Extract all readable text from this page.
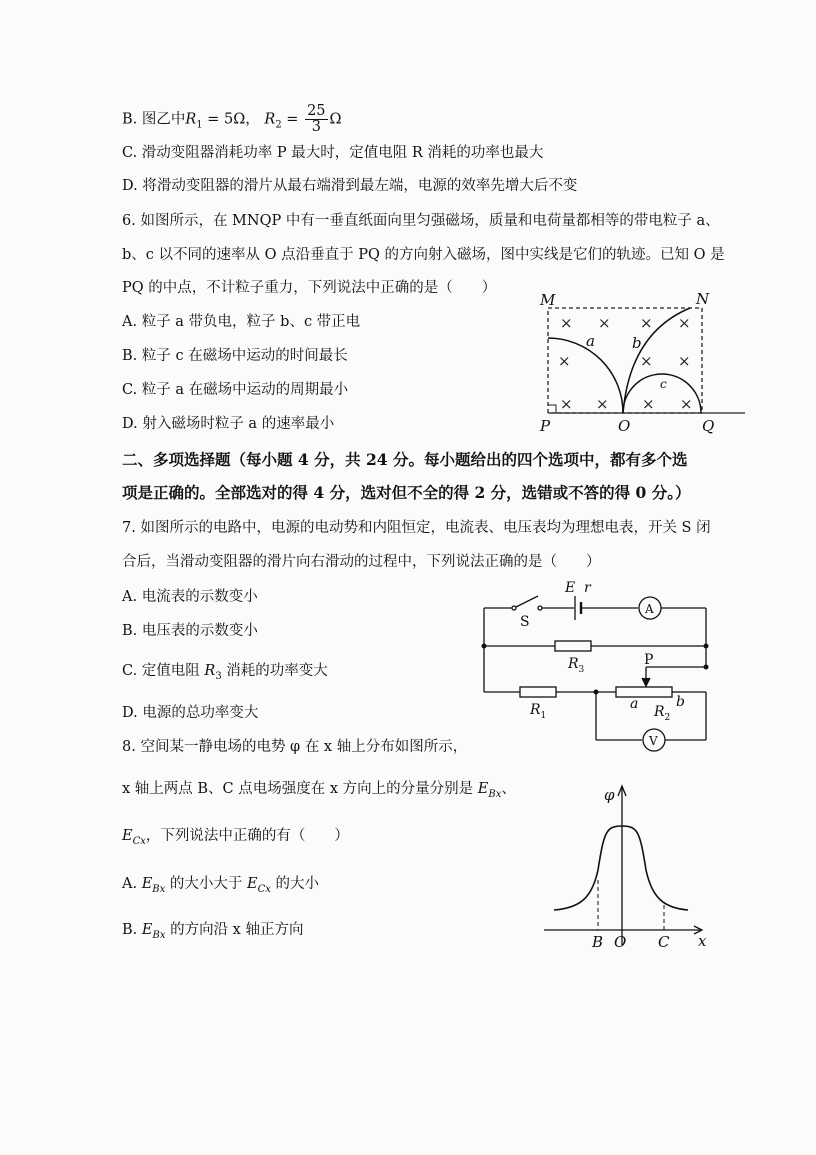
B. 图乙中$R_1 = 5\Omega$， $R_2 = \frac{25}{3}$ Ω
C. 滑动变阻器消耗功率 P 最大时，定值电阻 R 消耗的功率也最大
D. 将滑动变阻器的滑片从最右端滑到最左端，电源的效率先增大后不变
6. 如图所示，在 MNQP 中有一垂直纸面向里匀强磁场，质量和电荷量都相等的带电粒子 a、
b、c 以不同的速率从 O 点沿垂直于 PQ 的方向射入磁场，图中实线是它们的轨迹。已知 O 是
PQ 的中点，不计粒子重力，下列说法中正确的是（　　）
A. 粒子 a 带负电，粒子 b、c 带正电
B. 粒子 c 在磁场中运动的时间最长
C. 粒子 a 在磁场中运动的周期最小
D. 射入磁场时粒子 a 的速率最小
× × × ×
×	× ×
× × × ×
M	N
P	O	Q
a b
c
二、多项选择题（每小题 4 分，共 24 分。每小题给出的四个选项中，都有多个选
项是正确的。全部选对的得 4 分，选对但不全的得 2 分，选错或不答的得 0 分。）
7. 如图所示的电路中，电源的电动势和内阻恒定，电流表、电压表均为理想电表，开关 S 闭
合后，当滑动变阻器的滑片向右滑动的过程中，下列说法正确的是（　　）
A. 电流表的示数变小
B. 电压表的示数变小
C. 定值电阻 $R_3$ 消耗的功率变大
D. 电源的总功率变大
E r
S
A
V
$R_3$
$R_1$	$R_2$
P
a	b
8. 空间某一静电场的电势 φ 在 x 轴上分布如图所示，
x 轴上两点 B、C 点电场强度在 x 方向上的分量分别是 $E_{Bx}$、
$E_{Cx}$，下列说法中正确的有（　　）
A. $E_{Bx}$ 的大小大于 $E_{Cx}$ 的大小
B. $E_{Bx}$ 的方向沿 x 轴正方向
φ
B O C x
